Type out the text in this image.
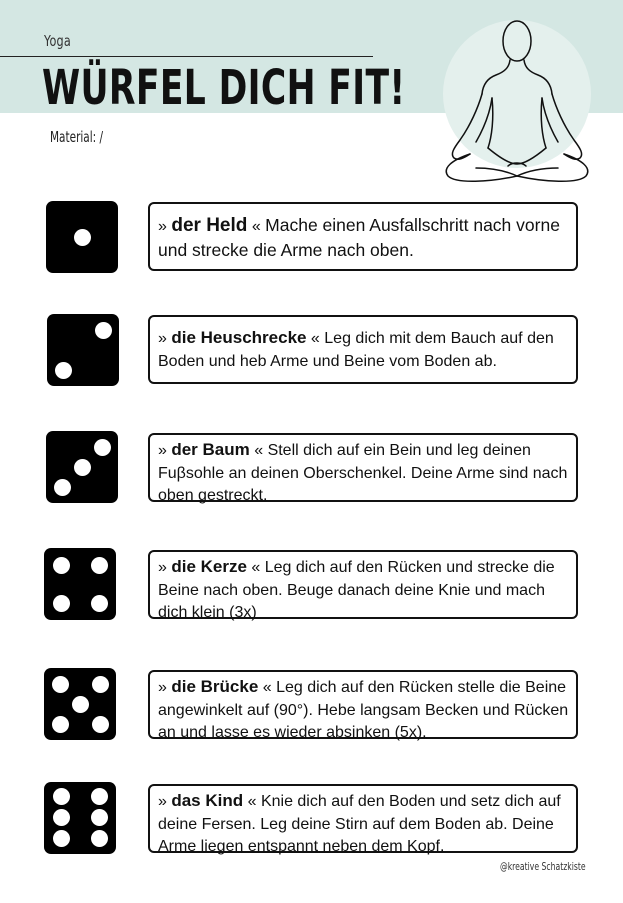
Yoga
WÜRFEL DICH FIT!
Material: /
» der Held « Mache einen Ausfallschritt nach vorne und strecke die Arme nach oben.
» die Heuschrecke « Leg dich mit dem Bauch auf den Boden und heb Arme und Beine vom Boden ab.
» der Baum « Stell dich auf ein Bein und leg deinen Fuβsohle an deinen Oberschenkel. Deine Arme sind nach oben gestreckt.
» die Kerze « Leg dich auf den Rücken und strecke die Beine nach oben. Beuge danach deine Knie und mach dich klein (3x)
» die Brücke « Leg dich auf den Rücken stelle die Beine angewinkelt auf (90°). Hebe langsam Becken und Rücken an und lasse es wieder absinken (5x).
» das Kind « Knie dich auf den Boden und setz dich auf deine Fersen. Leg deine Stirn auf dem Boden ab. Deine Arme liegen entspannt neben dem Kopf.
@kreative Schatzkiste
